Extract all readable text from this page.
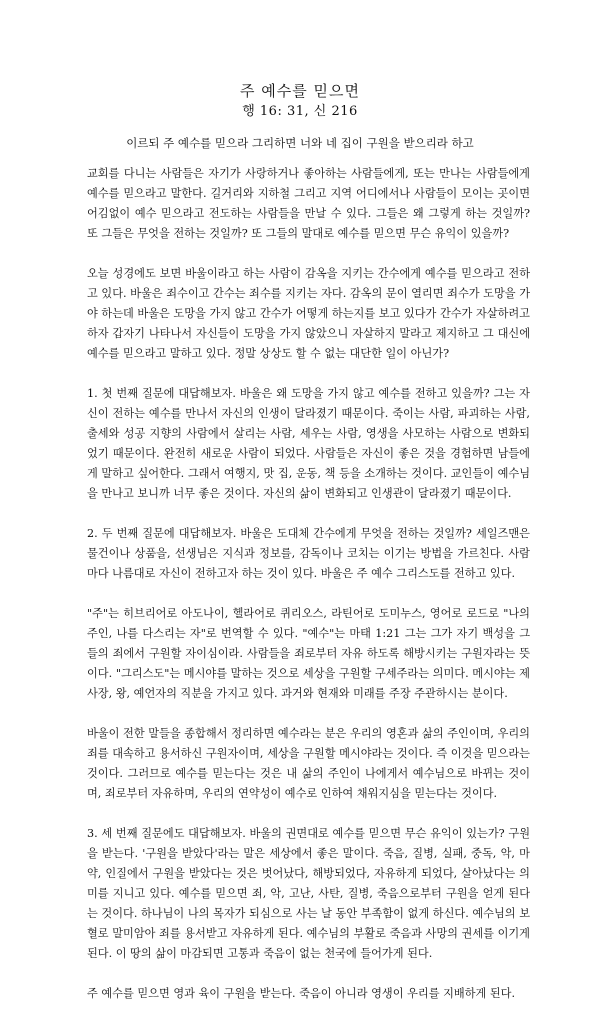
주 예수를 믿으면
행 16: 31, 신 216
이르되 주 예수를 믿으라 그리하면 너와 네 집이 구원을 받으리라 하고

교회를 다니는 사람들은 자기가 사랑하거나 좋아하는 사람들에게, 또는 만나는 사람들에게 예수를 믿으라고 말한다. 길거리와 지하철 그리고 지역 어디에서나 사람들이 모이는 곳이면 어김없이 예수 믿으라고 전도하는 사람들을 만날 수 있다. 그들은 왜 그렇게 하는 것일까? 또 그들은 무엇을 전하는 것일까? 또 그들의 말대로 예수를 믿으면 무슨 유익이 있을까?

오늘 성경에도 보면 바울이라고 하는 사람이 감옥을 지키는 간수에게 예수를 믿으라고 전하고 있다. 바울은 죄수이고 간수는 죄수를 지키는 자다. 감옥의 문이 열리면 죄수가 도망을 가야 하는데 바울은 도망을 가지 않고 간수가 어떻게 하는지를 보고 있다가 간수가 자살하려고 하자 갑자기 나타나서 자신들이 도망을 가지 않았으니 자살하지 말라고 제지하고 그 대신에 예수를 믿으라고 말하고 있다. 정말 상상도 할 수 없는 대단한 일이 아닌가?

1. 첫 번째 질문에 대답해보자. 바울은 왜 도망을 가지 않고 예수를 전하고 있을까? 그는 자신이 전하는 예수를 만나서 자신의 인생이 달라졌기 때문이다. 죽이는 사람, 파괴하는 사람, 출세와 성공 지향의 사람에서 살리는 사람, 세우는 사람, 영생을 사모하는 사람으로 변화되었기 때문이다. 완전히 새로운 사람이 되었다. 사람들은 자신이 좋은 것을 경험하면 남들에게 말하고 싶어한다. 그래서 여행지, 맛 집, 운동, 책 등을 소개하는 것이다. 교인들이 예수님을 만나고 보니까 너무 좋은 것이다. 자신의 삶이 변화되고 인생관이 달라졌기 때문이다.

2. 두 번째 질문에 대답해보자. 바울은 도대체 간수에게 무엇을 전하는 것일까? 세일즈맨은 물건이나 상품을, 선생님은 지식과 정보를, 감독이나 코치는 이기는 방법을 가르친다. 사람마다 나름대로 자신이 전하고자 하는 것이 있다. 바울은 주 예수 그리스도를 전하고 있다.

"주"는 히브리어로 아도나이, 헬라어로 퀴리오스, 라틴어로 도미누스, 영어로 로드로 "나의 주인, 나를 다스리는 자"로 번역할 수 있다. "예수"는 마태 1:21 그는 그가 자기 백성을 그들의 죄에서 구원할 자이심이라. 사람들을 죄로부터 자유 하도록 해방시키는 구원자라는 뜻이다. "그리스도"는 메시야를 말하는 것으로 세상을 구원할 구세주라는 의미다. 메시야는 제사장, 왕, 예언자의 직분을 가지고 있다. 과거와 현재와 미래를 주장 주관하시는 분이다.

바울이 전한 말들을 종합해서 정리하면 예수라는 분은 우리의 영혼과 삶의 주인이며, 우리의 죄를 대속하고 용서하신 구원자이며, 세상을 구원할 메시야라는 것이다. 즉 이것을 믿으라는 것이다. 그러므로 예수를 믿는다는 것은 내 삶의 주인이 나에게서 예수님으로 바뀌는 것이며, 죄로부터 자유하며, 우리의 연약성이 예수로 인하여 채워지심을 믿는다는 것이다.

3. 세 번째 질문에도 대답해보자. 바울의 권면대로 예수를 믿으면 무슨 유익이 있는가? 구원을 받는다. '구원을 받았다'라는 말은 세상에서 좋은 말이다. 죽음, 질병, 실패, 중독, 악, 마약, 인질에서 구원을 받았다는 것은 벗어났다, 해방되었다, 자유하게 되었다, 살아났다는 의미를 지니고 있다. 예수를 믿으면 죄, 악, 고난, 사탄, 질병, 죽음으로부터 구원을 얻게 된다는 것이다. 하나님이 나의 목자가 되심으로 사는 날 동안 부족함이 없게 하신다. 예수님의 보혈로 말미암아 죄를 용서받고 자유하게 된다. 예수님의 부활로 죽음과 사망의 권세를 이기게 된다. 이 땅의 삶이 마감되면 고통과 죽음이 없는 천국에 들어가게 된다.

주 예수를 믿으면 영과 육이 구원을 받는다. 죽음이 아니라 영생이 우리를 지배하게 된다.
